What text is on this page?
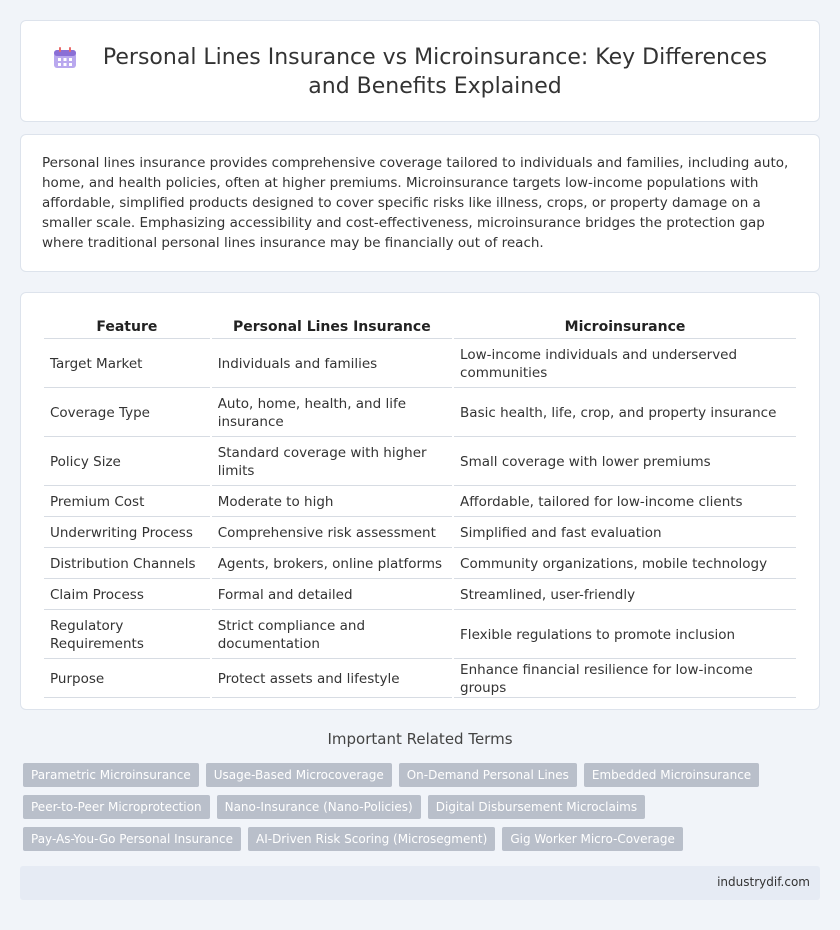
Personal Lines Insurance vs Microinsurance: Key Differences and Benefits Explained

Personal lines insurance provides comprehensive coverage tailored to individuals and families, including auto, home, and health policies, often at higher premiums. Microinsurance targets low-income populations with affordable, simplified products designed to cover specific risks like illness, crops, or property damage on a smaller scale. Emphasizing accessibility and cost-effectiveness, microinsurance bridges the protection gap where traditional personal lines insurance may be financially out of reach.

Feature	Personal Lines Insurance	Microinsurance
Target Market	Individuals and families	Low-income individuals and underserved communities
Coverage Type	Auto, home, health, and life insurance	Basic health, life, crop, and property insurance
Policy Size	Standard coverage with higher limits	Small coverage with lower premiums
Premium Cost	Moderate to high	Affordable, tailored for low-income clients
Underwriting Process	Comprehensive risk assessment	Simplified and fast evaluation
Distribution Channels	Agents, brokers, online platforms	Community organizations, mobile technology
Claim Process	Formal and detailed	Streamlined, user-friendly
Regulatory Requirements	Strict compliance and documentation	Flexible regulations to promote inclusion
Purpose	Protect assets and lifestyle	Enhance financial resilience for low-income groups
Important Related Terms
Parametric Microinsurance	Usage-Based Microcoverage	On-Demand Personal Lines	Embedded Microinsurance
Peer-to-Peer Microprotection	Nano-Insurance (Nano-Policies)	Digital Disbursement Microclaims
Pay-As-You-Go Personal Insurance	AI-Driven Risk Scoring (Microsegment)	Gig Worker Micro-Coverage
industrydif.com
